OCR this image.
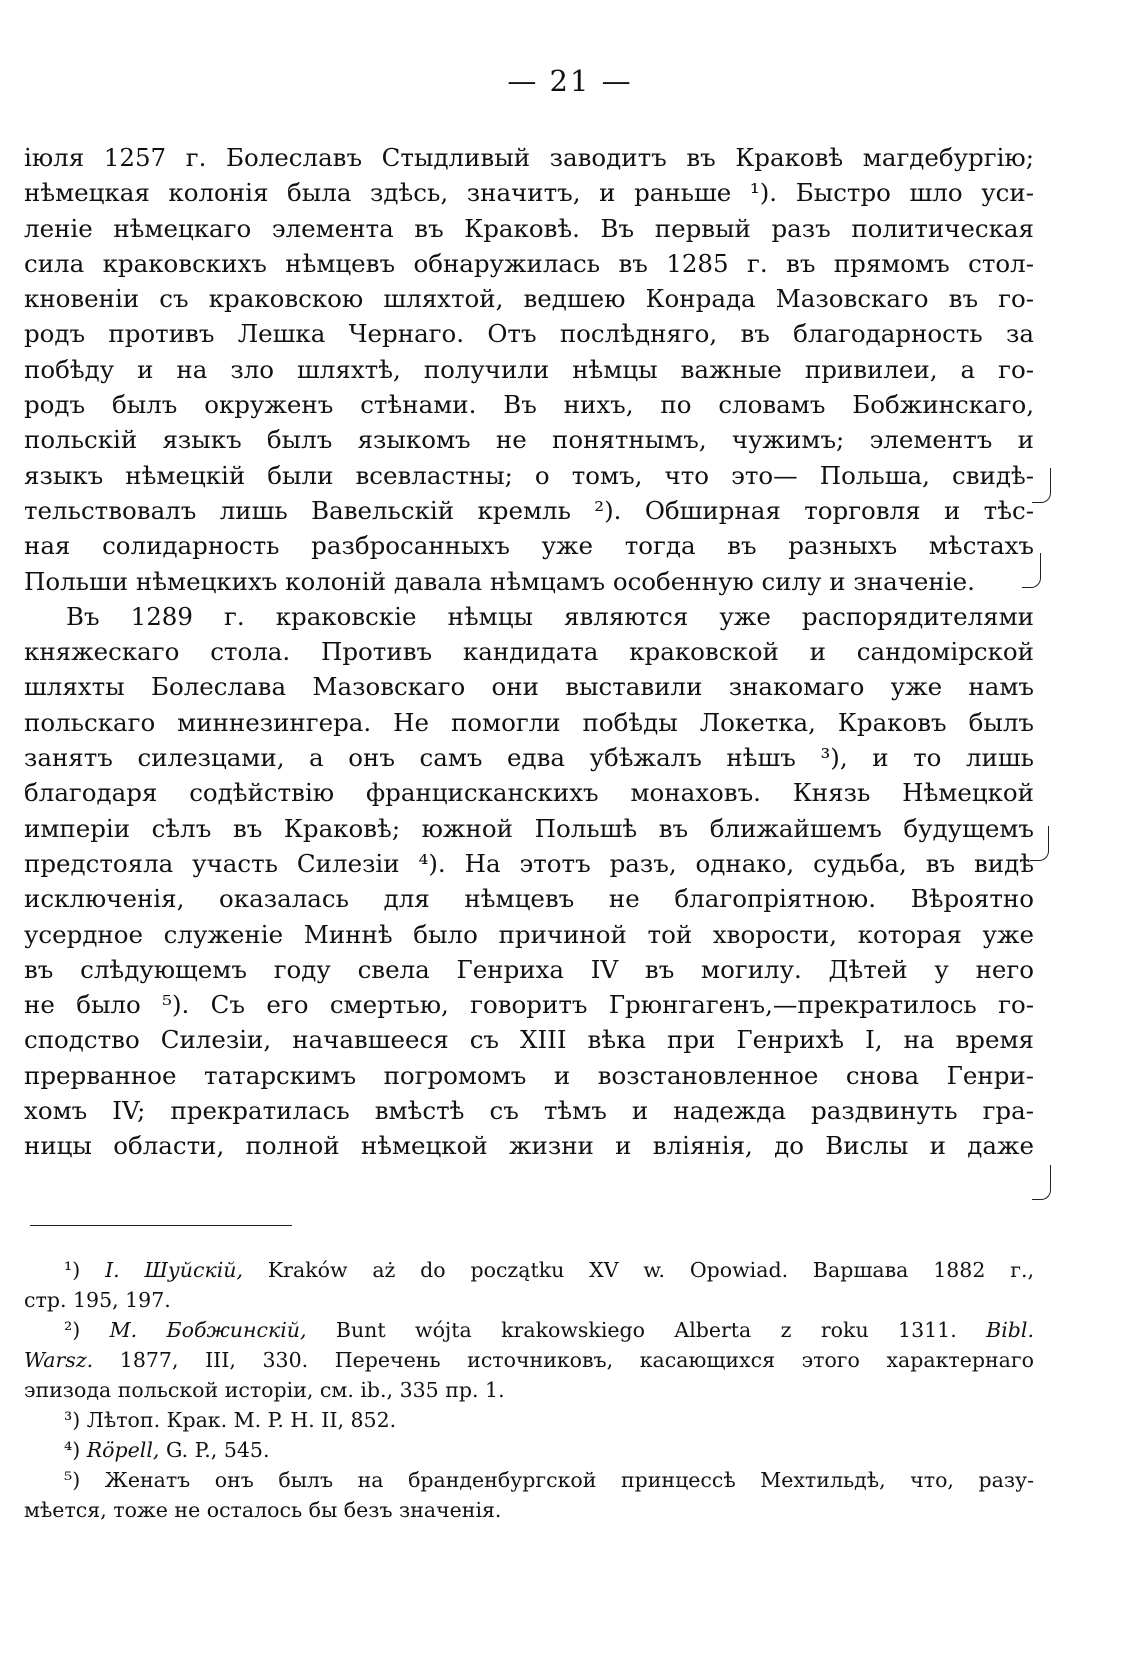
— 21 —
іюля 1257 г. Болеславъ Стыдливый заводитъ въ Краковѣ магдебургію;
нѣмецкая колонія была здѣсь, значитъ, и раньше ¹). Быстро шло уси-
леніе нѣмецкаго элемента въ Краковѣ. Въ первый разъ политическая
сила краковскихъ нѣмцевъ обнаружилась въ 1285 г. въ прямомъ стол-
кновеніи съ краковскою шляхтой, ведшею Конрада Мазовскаго въ го-
родъ противъ Лешка Чернаго. Отъ послѣдняго, въ благодарность за
побѣду и на зло шляхтѣ, получили нѣмцы важные привилеи, а го-
родъ былъ окруженъ стѣнами. Въ нихъ, по словамъ Бобжинскаго,
польскій языкъ былъ языкомъ не понятнымъ, чужимъ; элементъ и
языкъ нѣмецкій были всевластны; о томъ, что это— Польша, свидѣ-
тельствовалъ лишь Вавельскій кремль ²). Обширная торговля и тѣс-
ная солидарность разбросанныхъ уже тогда въ разныхъ мѣстахъ
Польши нѣмецкихъ колоній давала нѣмцамъ особенную силу и значеніе.
Въ 1289 г. краковскіе нѣмцы являются уже распорядителями
княжескаго стола. Противъ кандидата краковской и сандомірской
шляхты Болеслава Мазовскаго они выставили знакомаго уже намъ
польскаго миннезингера. Не помогли побѣды Локетка, Краковъ былъ
занятъ силезцами, а онъ самъ едва убѣжалъ нѣшъ ³), и то лишь
благодаря содѣйствію францисканскихъ монаховъ. Князь Нѣмецкой
имперіи сѣлъ въ Краковѣ; южной Польшѣ въ ближайшемъ будущемъ
предстояла участь Силезіи ⁴). На этотъ разъ, однако, судьба, въ видѣ
исключенія, оказалась для нѣмцевъ не благопріятною. Вѣроятно
усердное служеніе Миннѣ было причиной той хворости, которая уже
въ слѣдующемъ году свела Генриха IV въ могилу. Дѣтей у него
не было ⁵). Съ его смертью, говоритъ Грюнгагенъ,—прекратилось го-
сподство Силезіи, начавшееся съ XIII вѣка при Генрихѣ I, на время
прерванное татарскимъ погромомъ и возстановленное снова Генри-
хомъ IV; прекратилась вмѣстѣ съ тѣмъ и надежда раздвинуть гра-
ницы области, полной нѣмецкой жизни и вліянія, до Вислы и даже
¹) I. Шуйскій, Kraków aż do początku XV w. Opowiad. Варшава 1882 г.,
стр. 195, 197.
²) M. Бобжинскій, Bunt wójta krakowskiego Alberta z roku 1311. Bibl.
Warsz. 1877, III, 330. Перечень источниковъ, касающихся этого характернаго
эпизода польской исторіи, см. ib., 335 пр. 1.
³) Лѣтоп. Крак. M. P. H. II, 852.
⁴) Röpell, G. P., 545.
⁵) Женатъ онъ былъ на бранденбургской принцессѣ Мехтильдѣ, что, разу-
мѣется, тоже не осталось бы безъ значенія.
